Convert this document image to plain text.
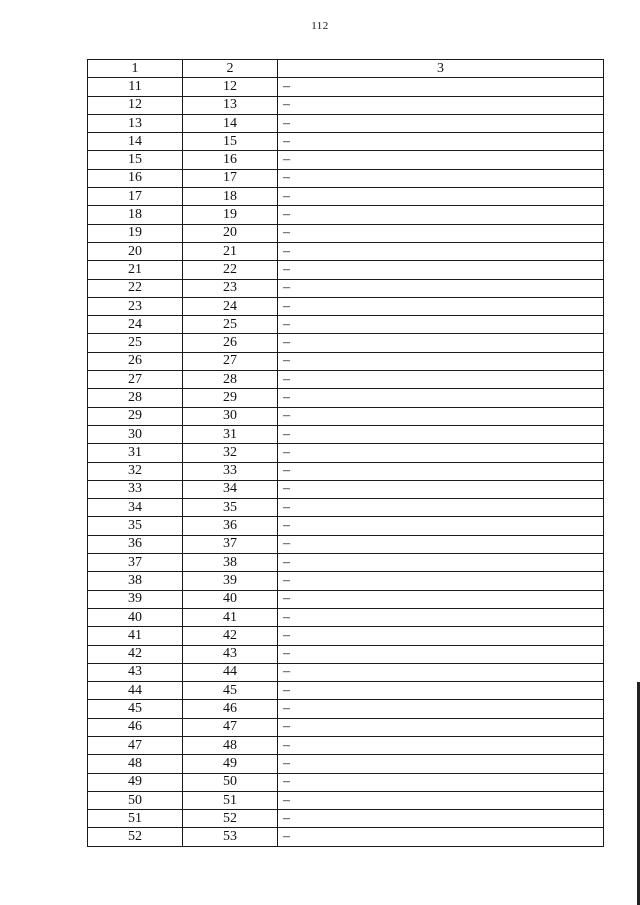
112
1	2	3
11	12	–
12	13	–
13	14	–
14	15	–
15	16	–
16	17	–
17	18	–
18	19	–
19	20	–
20	21	–
21	22	–
22	23	–
23	24	–
24	25	–
25	26	–
26	27	–
27	28	–
28	29	–
29	30	–
30	31	–
31	32	–
32	33	–
33	34	–
34	35	–
35	36	–
36	37	–
37	38	–
38	39	–
39	40	–
40	41	–
41	42	–
42	43	–
43	44	–
44	45	–
45	46	–
46	47	–
47	48	–
48	49	–
49	50	–
50	51	–
51	52	–
52	53	–
